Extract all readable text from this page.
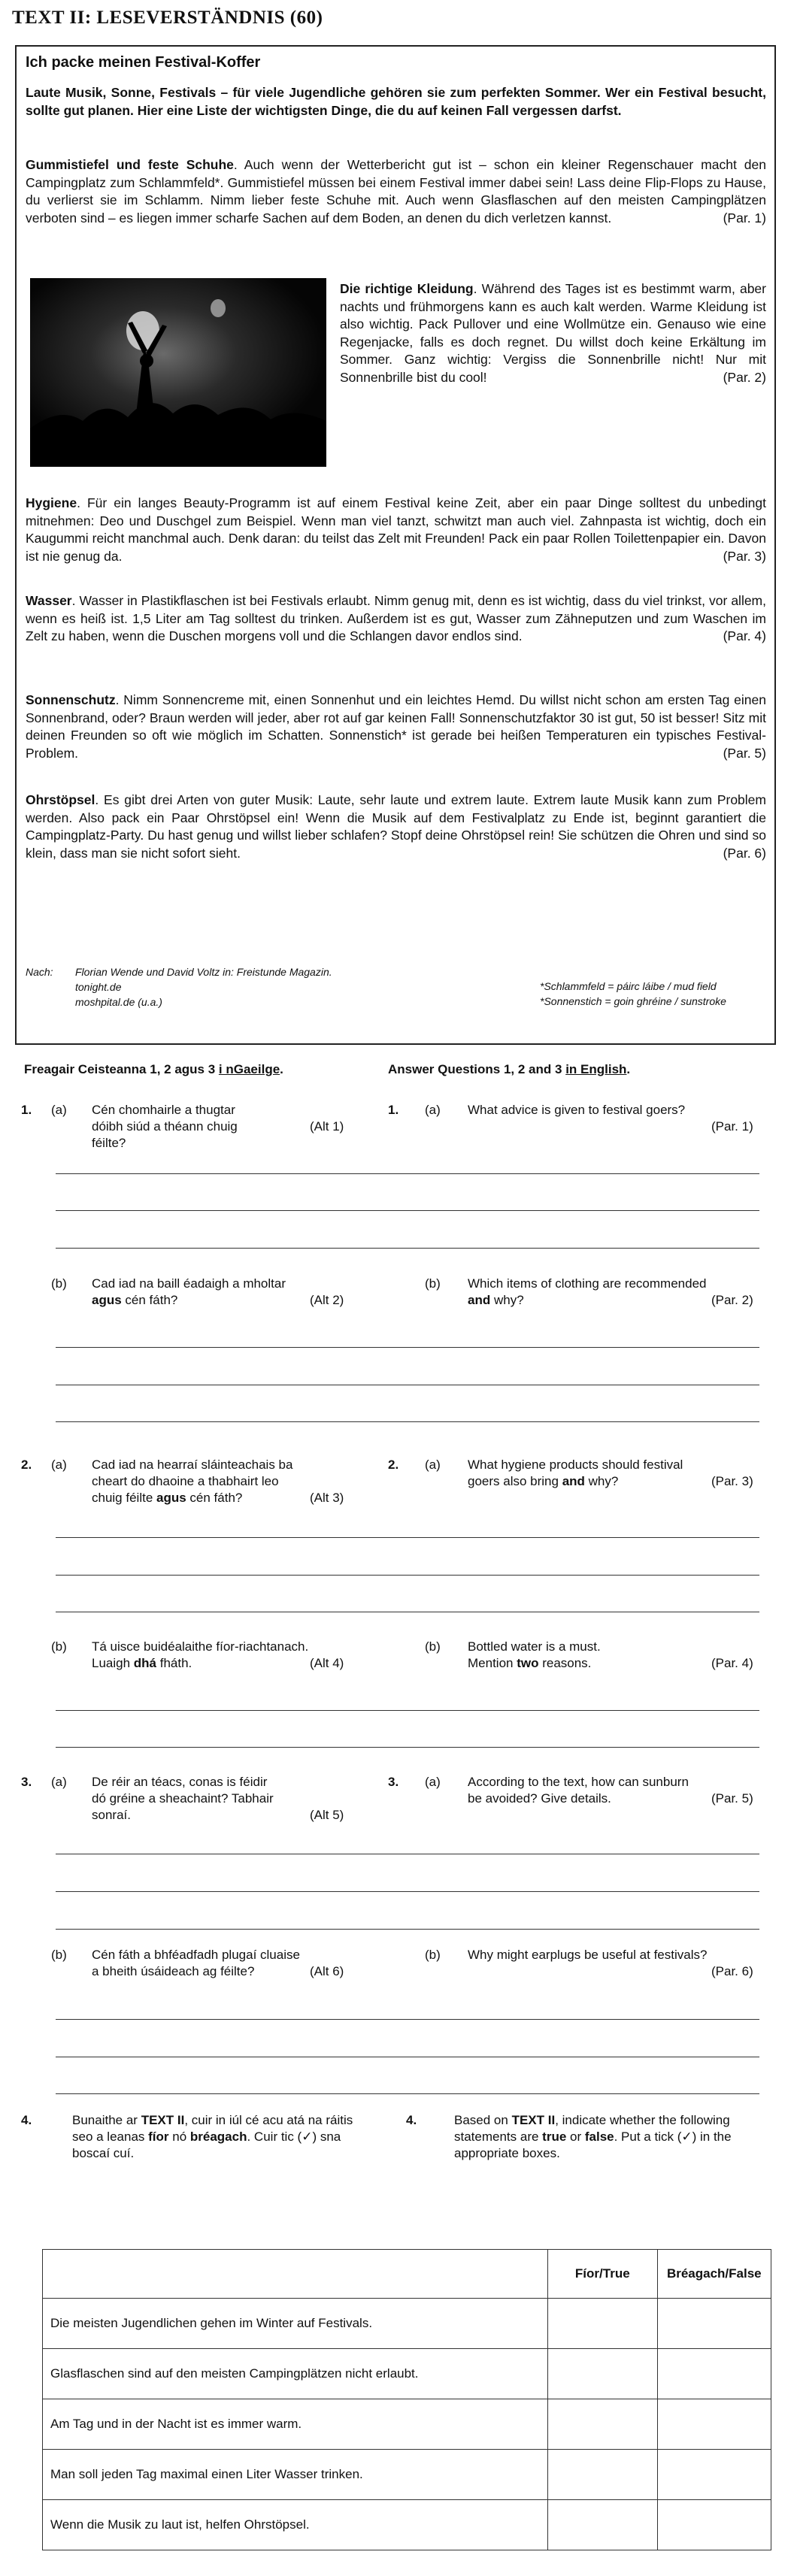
TEXT II: LESEVERSTÄNDNIS (60)
Ich packe meinen Festival-Koffer
Laute Musik, Sonne, Festivals – für viele Jugendliche gehören sie zum perfekten Sommer. Wer ein Festival besucht, sollte gut planen. Hier eine Liste der wichtigsten Dinge, die du auf keinen Fall vergessen darfst.
Gummistiefel und feste Schuhe. Auch wenn der Wetterbericht gut ist – schon ein kleiner Regenschauer macht den Campingplatz zum Schlammfeld*. Gummistiefel müssen bei einem Festival immer dabei sein! Lass deine Flip-Flops zu Hause, du verlierst sie im Schlamm. Nimm lieber feste Schuhe mit. Auch wenn Glasflaschen auf den meisten Campingplätzen verboten sind – es liegen immer scharfe Sachen auf dem Boden, an denen du dich verletzen kannst.	(Par. 1)
Die richtige Kleidung. Während des Tages ist es bestimmt warm, aber nachts und frühmorgens kann es auch kalt werden. Warme Kleidung ist also wichtig. Pack Pullover und eine Wollmütze ein. Genauso wie eine Regenjacke, falls es doch regnet. Du willst doch keine Erkältung im Sommer. Ganz wichtig: Vergiss die Sonnenbrille nicht! Nur mit Sonnenbrille bist du cool!	(Par. 2)
Hygiene. Für ein langes Beauty-Programm ist auf einem Festival keine Zeit, aber ein paar Dinge solltest du unbedingt mitnehmen: Deo und Duschgel zum Beispiel. Wenn man viel tanzt, schwitzt man auch viel. Zahnpasta ist wichtig, doch ein Kaugummi reicht manchmal auch. Denk daran: du teilst das Zelt mit Freunden! Pack ein paar Rollen Toilettenpapier ein. Davon ist nie genug da.	(Par. 3)
Wasser. Wasser in Plastikflaschen ist bei Festivals erlaubt. Nimm genug mit, denn es ist wichtig, dass du viel trinkst, vor allem, wenn es heiß ist. 1,5 Liter am Tag solltest du trinken. Außerdem ist es gut, Wasser zum Zähneputzen und zum Waschen im Zelt zu haben, wenn die Duschen morgens voll und die Schlangen davor endlos sind.	(Par. 4)
Sonnenschutz. Nimm Sonnencreme mit, einen Sonnenhut und ein leichtes Hemd. Du willst nicht schon am ersten Tag einen Sonnenbrand, oder? Braun werden will jeder, aber rot auf gar keinen Fall! Sonnenschutzfaktor 30 ist gut, 50 ist besser! Sitz mit deinen Freunden so oft wie möglich im Schatten. Sonnenstich* ist gerade bei heißen Temperaturen ein typisches Festival-Problem.	(Par. 5)
Ohrstöpsel. Es gibt drei Arten von guter Musik: Laute, sehr laute und extrem laute. Extrem laute Musik kann zum Problem werden. Also pack ein Paar Ohrstöpsel ein! Wenn die Musik auf dem Festivalplatz zu Ende ist, beginnt garantiert die Campingplatz-Party. Du hast genug und willst lieber schlafen? Stopf deine Ohrstöpsel rein! Sie schützen die Ohren und sind so klein, dass man sie nicht sofort sieht.	(Par. 6)
Nach: Florian Wende und David Voltz in: Freistunde Magazin.
tonight.de
moshpital.de (u.a.)
*Schlammfeld = páirc láibe / mud field
*Sonnenstich = goin ghréine / sunstroke
Freagair Ceisteanna 1, 2 agus 3 i nGaeilge.	Answer Questions 1, 2 and 3 in English.
1. (a) Cén chomhairle a thugtar dóibh siúd a théann chuig féilte?
(Alt 1)
1. (a) What advice is given to festival goers?
(Par. 1)
(b) Cad iad na baill éadaigh a mholtar
agus cén fáth?	(Alt 2)
(b) Which items of clothing are recommended
and why?	(Par. 2)
2. (a) Cad iad na hearraí sláinteachais ba cheart do dhaoine a thabhairt leo chuig féilte agus cén fáth?	(Alt 3)
2. (a) What hygiene products should festival goers also bring and why?	(Par. 3)
(b) Tá uisce buidéalaithe fíor-riachtanach.
Luaigh dhá fháth.	(Alt 4)
(b) Bottled water is a must.
Mention two reasons.	(Par. 4)
3. (a) De réir an téacs, conas is féidir dó gréine a sheachaint? Tabhair sonraí.	(Alt 5)
3. (a) According to the text, how can sunburn be avoided? Give details.	(Par. 5)
(b) Cén fáth a bhféadfadh plugaí cluaise a bheith úsáideach ag féilte?	(Alt 6)
(b) Why might earplugs be useful at festivals?
(Par. 6)
4.	Bunaithe ar TEXT II, cuir in iúl cé acu atá na ráitis seo a leanas fíor nó bréagach. Cuir tic (✓) sna boscaí cuí.
4.	Based on TEXT II, indicate whether the following statements are true or false. Put a tick (✓) in the appropriate boxes.
	Fíor/True	Bréagach/False
Die meisten Jugendlichen gehen im Winter auf Festivals.		
Glasflaschen sind auf den meisten Campingplätzen nicht erlaubt.		
Am Tag und in der Nacht ist es immer warm.		
Man soll jeden Tag maximal einen Liter Wasser trinken.		
Wenn die Musik zu laut ist, helfen Ohrstöpsel.		
